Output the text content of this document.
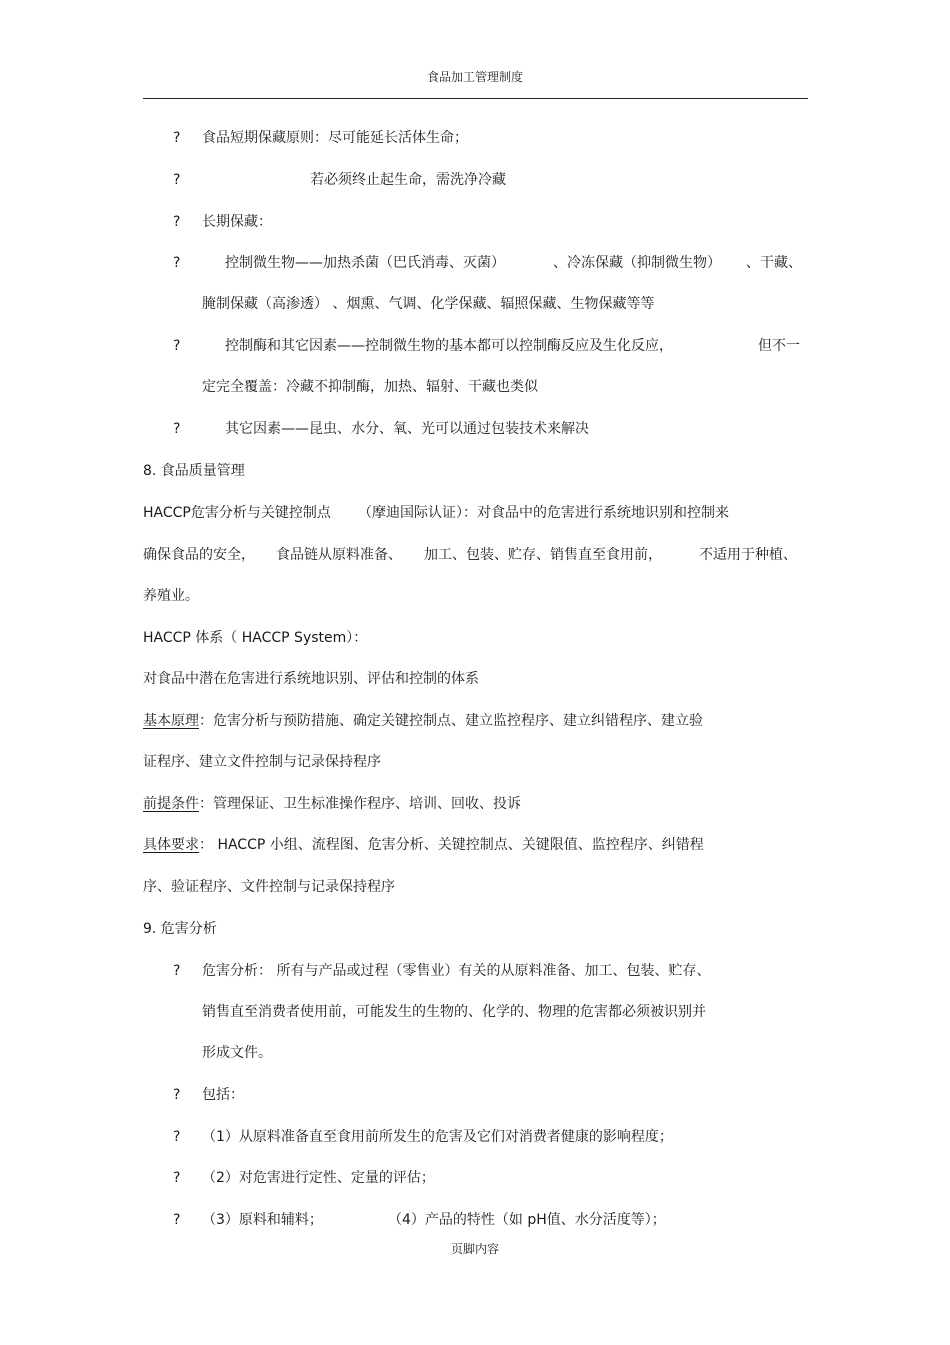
食品加工管理制度
? 食品短期保藏原则：尽可能延长活体生命；
?	若必须终止起生命，需洗净冷藏
? 长期保藏：
?	控制微生物——加热杀菌（巴氏消毒、灭菌）	、冷冻保藏（抑制微生物） 、干藏、
腌制保藏（高渗透） 、烟熏、气调、化学保藏、辐照保藏、生物保藏等等
?	控制酶和其它因素——控制微生物的基本都可以控制酶反应及生化反应，	但不一
定完全覆盖：冷藏不抑制酶，加热、辐射、干藏也类似
?	其它因素——昆虫、水分、氧、光可以通过包装技术来解决
8. 食品质量管理
HACCP危害分析与关键控制点 （摩迪国际认证）：对食品中的危害进行系统地识别和控制来
确保食品的安全， 食品链从原料准备、 加工、包装、贮存、销售直至食用前，	不适用于种植、
养殖业。
HACCP 体系（ HACCP System）：
对食品中潜在危害进行系统地识别、评估和控制的体系
基本原理：危害分析与预防措施、确定关键控制点、建立监控程序、建立纠错程序、建立验
证程序、建立文件控制与记录保持程序
前提条件：管理保证、卫生标准操作程序、培训、回收、投诉
具体要求： HACCP 小组、流程图、危害分析、关键控制点、关键限值、监控程序、纠错程
序、验证程序、文件控制与记录保持程序
9. 危害分析
? 危害分析： 所有与产品或过程（零售业）有关的从原料准备、加工、包装、贮存、
销售直至消费者使用前，可能发生的生物的、化学的、物理的危害都必须被识别并
形成文件。
? 包括：
? （1）从原料准备直至食用前所发生的危害及它们对消费者健康的影响程度；
? （2）对危害进行定性、定量的评估；
? （3）原料和辅料；	（4）产品的特性（如 pH值、水分活度等）；
页脚内容
